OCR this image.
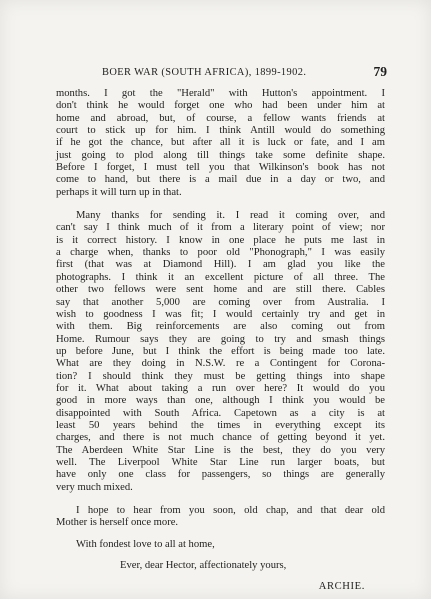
BOER WAR (SOUTH AFRICA), 1899-1902.	79
months. I got the "Herald" with Hutton's appointment. I
don't think he would forget one who had been under him at
home and abroad, but, of course, a fellow wants friends at
court to stick up for him. I think Antill would do something
if he got the chance, but after all it is luck or fate, and I am
just going to plod along till things take some definite shape.
Before I forget, I must tell you that Wilkinson's book has not
come to hand, but there is a mail due in a day or two, and
perhaps it will turn up in that.
Many thanks for sending it. I read it coming over, and
can't say I think much of it from a literary point of view; nor
is it correct history. I know in one place he puts me last in
a charge when, thanks to poor old "Phonograph," I was easily
first (that was at Diamond Hill). I am glad you like the
photographs. I think it an excellent picture of all three. The
other two fellows were sent home and are still there. Cables
say that another 5,000 are coming over from Australia. I
wish to goodness I was fit; I would certainly try and get in
with them. Big reinforcements are also coming out from
Home. Rumour says they are going to try and smash things
up before June, but I think the effort is being made too late.
What are they doing in N.S.W. re a Contingent for Corona-
tion? I should think they must be getting things into shape
for it. What about taking a run over here? It would do you
good in more ways than one, although I think you would be
disappointed with South Africa. Capetown as a city is at
least 50 years behind the times in everything except its
charges, and there is not much chance of getting beyond it yet.
The Aberdeen White Star Line is the best, they do you very
well. The Liverpool White Star Line run larger boats, but
have only one class for passengers, so things are generally
very much mixed.
I hope to hear from you soon, old chap, and that dear old
Mother is herself once more.
With fondest love to all at home,
Ever, dear Hector, affectionately yours,
ARCHIE.
